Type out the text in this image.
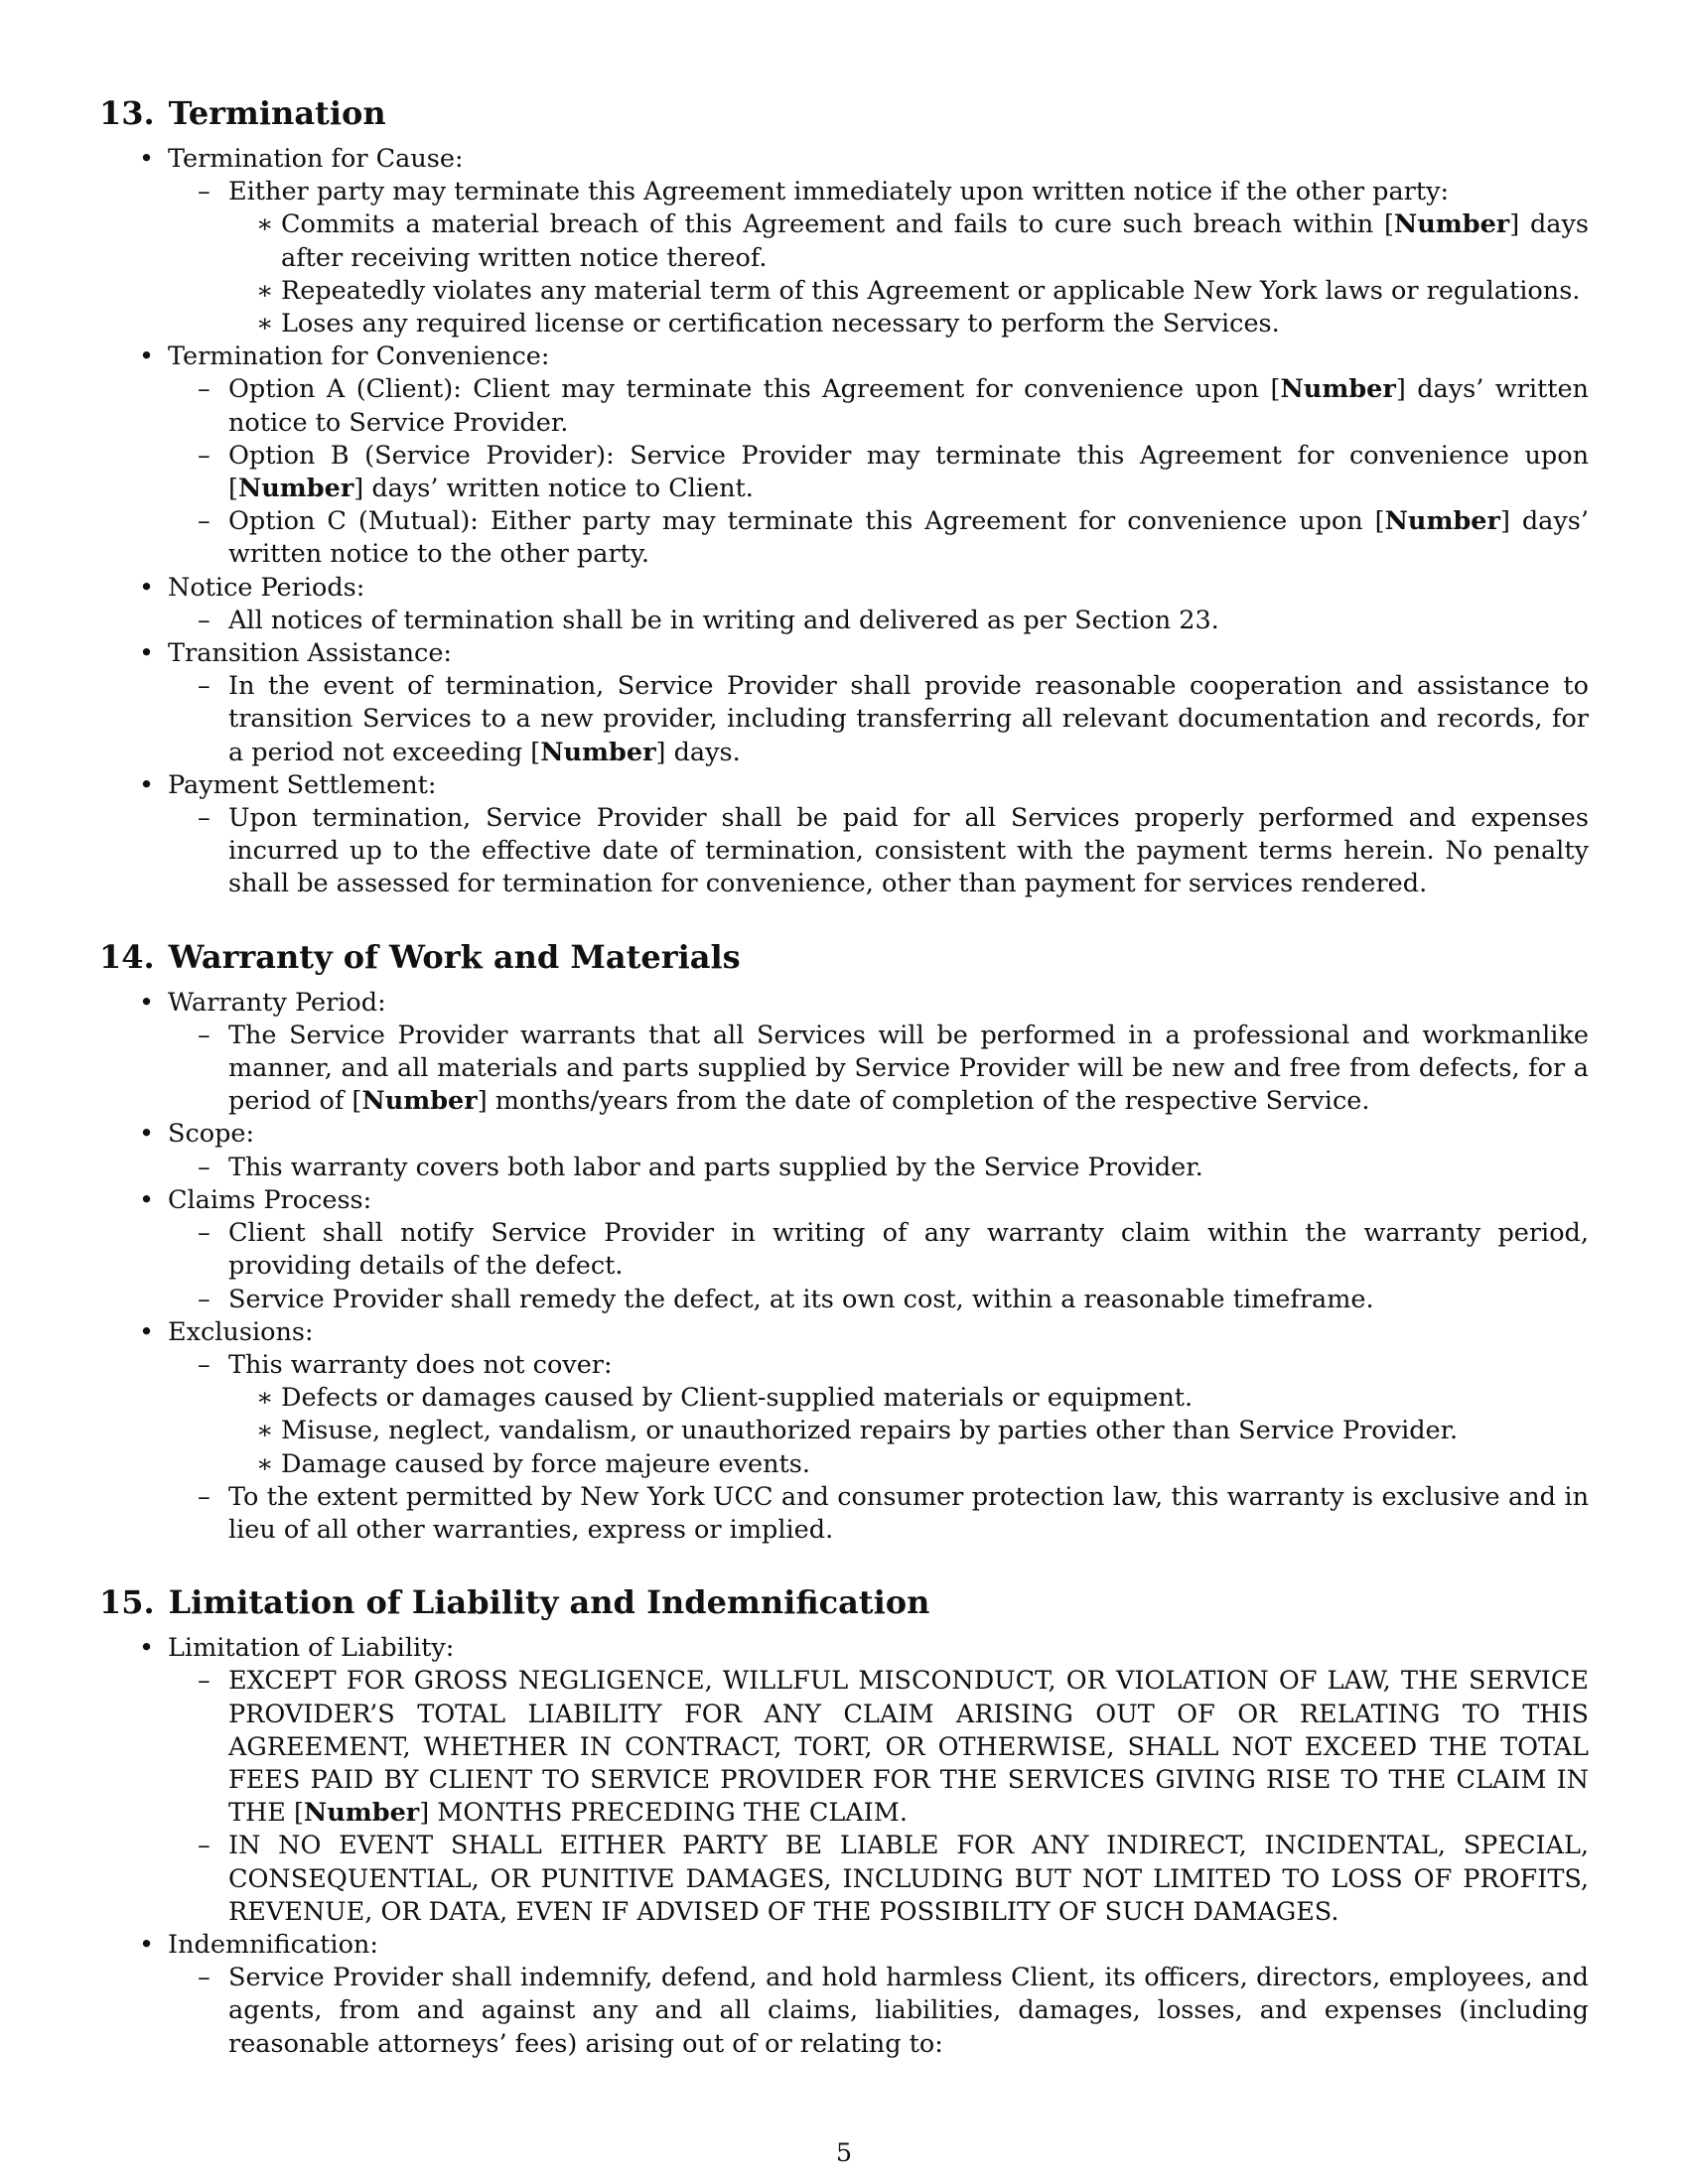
13. Termination
• Termination for Cause:
– Either party may terminate this Agreement immediately upon written notice if the other party:
∗ Commits a material breach of this Agreement and fails to cure such breach within [Number] days after receiving written notice thereof.
∗ Repeatedly violates any material term of this Agreement or applicable New York laws or regulations.
∗ Loses any required license or certification necessary to perform the Services.
• Termination for Convenience:
– Option A (Client): Client may terminate this Agreement for convenience upon [Number] days’ written notice to Service Provider.
– Option B (Service Provider): Service Provider may terminate this Agreement for convenience upon [Number] days’ written notice to Client.
– Option C (Mutual): Either party may terminate this Agreement for convenience upon [Number] days’ written notice to the other party.
• Notice Periods:
– All notices of termination shall be in writing and delivered as per Section 23.
• Transition Assistance:
– In the event of termination, Service Provider shall provide reasonable cooperation and assistance to transition Services to a new provider, including transferring all relevant documentation and records, for a period not exceeding [Number] days.
• Payment Settlement:
– Upon termination, Service Provider shall be paid for all Services properly performed and expenses incurred up to the effective date of termination, consistent with the payment terms herein. No penalty shall be assessed for termination for convenience, other than payment for services rendered.
14. Warranty of Work and Materials
• Warranty Period:
– The Service Provider warrants that all Services will be performed in a professional and workmanlike manner, and all materials and parts supplied by Service Provider will be new and free from defects, for a period of [Number] months/years from the date of completion of the respective Service.
• Scope:
– This warranty covers both labor and parts supplied by the Service Provider.
• Claims Process:
– Client shall notify Service Provider in writing of any warranty claim within the warranty period, providing details of the defect.
– Service Provider shall remedy the defect, at its own cost, within a reasonable timeframe.
• Exclusions:
– This warranty does not cover:
∗ Defects or damages caused by Client-supplied materials or equipment.
∗ Misuse, neglect, vandalism, or unauthorized repairs by parties other than Service Provider.
∗ Damage caused by force majeure events.
– To the extent permitted by New York UCC and consumer protection law, this warranty is exclusive and in lieu of all other warranties, express or implied.
15. Limitation of Liability and Indemnification
• Limitation of Liability:
– EXCEPT FOR GROSS NEGLIGENCE, WILLFUL MISCONDUCT, OR VIOLATION OF LAW, THE SERVICE PROVIDER’S TOTAL LIABILITY FOR ANY CLAIM ARISING OUT OF OR RELATING TO THIS AGREEMENT, WHETHER IN CONTRACT, TORT, OR OTHERWISE, SHALL NOT EXCEED THE TOTAL FEES PAID BY CLIENT TO SERVICE PROVIDER FOR THE SERVICES GIVING RISE TO THE CLAIM IN THE [Number] MONTHS PRECEDING THE CLAIM.
– IN NO EVENT SHALL EITHER PARTY BE LIABLE FOR ANY INDIRECT, INCIDENTAL, SPECIAL, CONSEQUENTIAL, OR PUNITIVE DAMAGES, INCLUDING BUT NOT LIMITED TO LOSS OF PROFITS, REVENUE, OR DATA, EVEN IF ADVISED OF THE POSSIBILITY OF SUCH DAMAGES.
• Indemnification:
– Service Provider shall indemnify, defend, and hold harmless Client, its officers, directors, employees, and agents, from and against any and all claims, liabilities, damages, losses, and expenses (including reasonable attorneys’ fees) arising out of or relating to:
5
